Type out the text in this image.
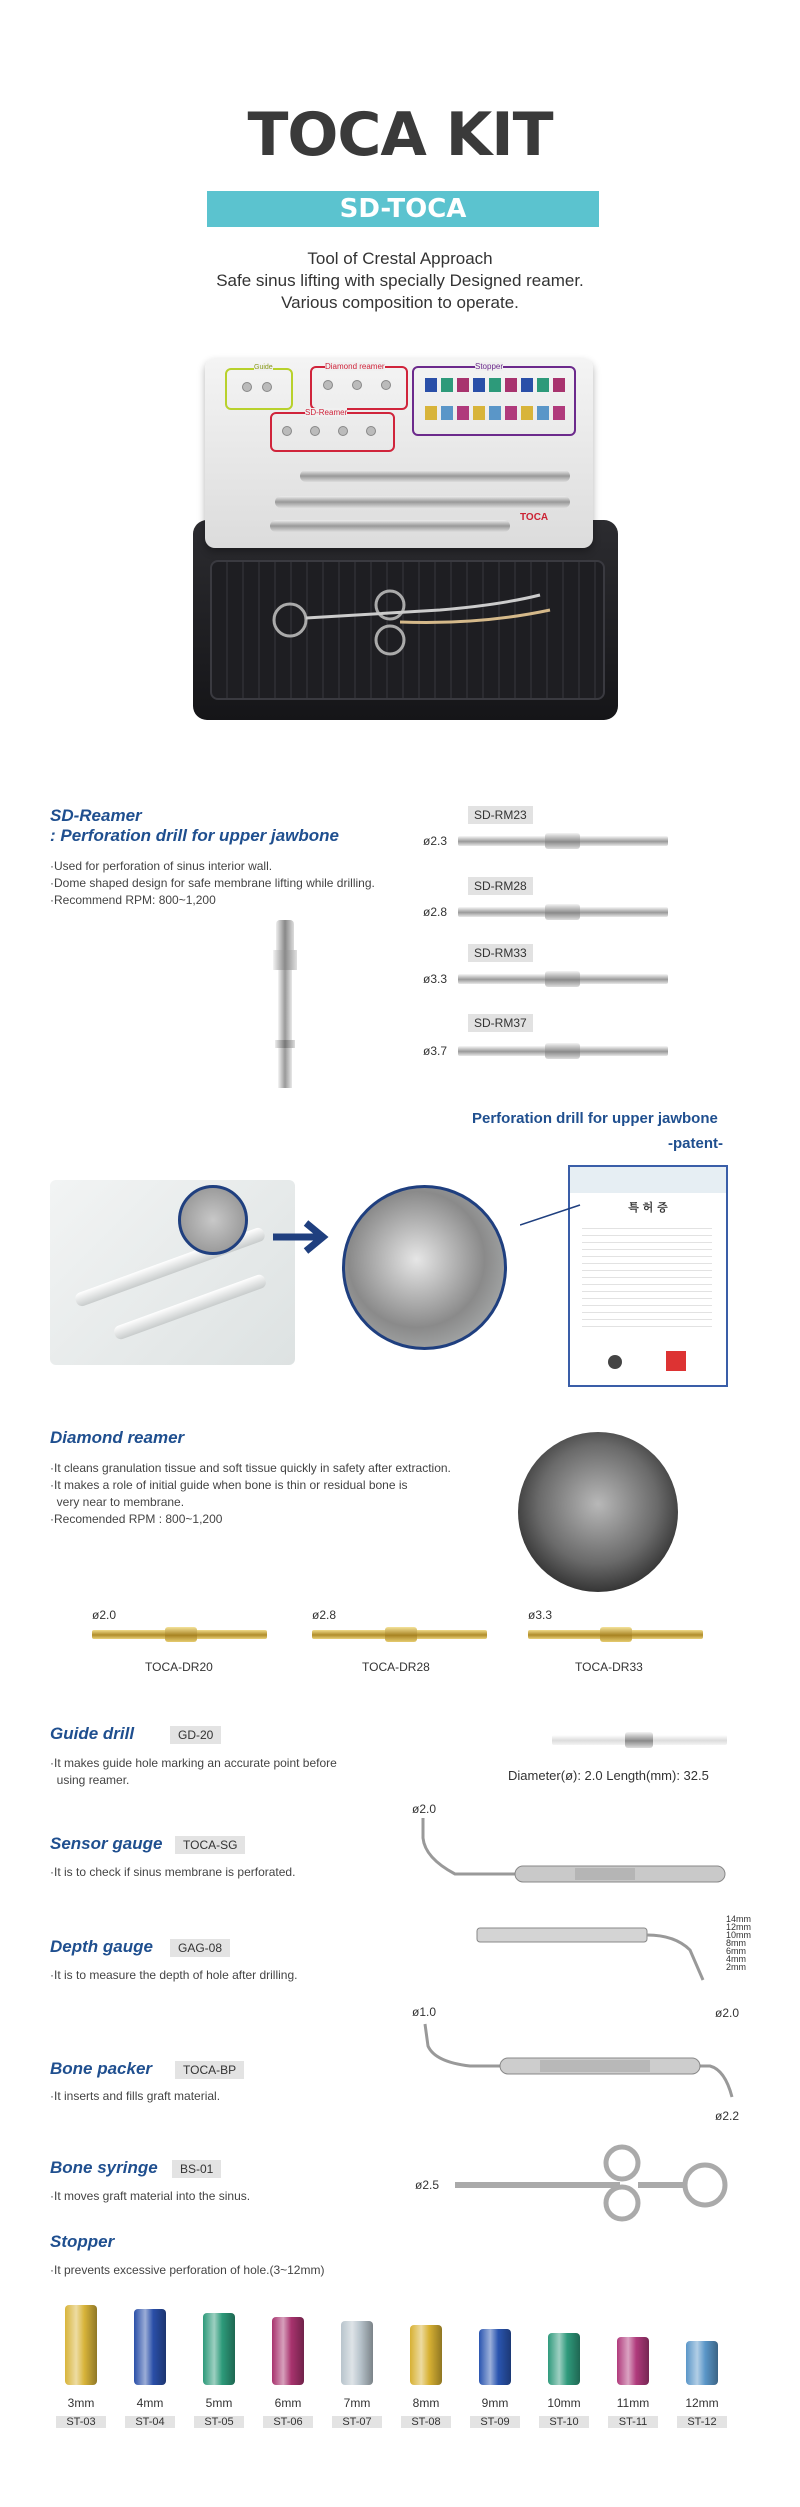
TOCA KIT
SD-TOCA
Tool of Crestal Approach
Safe sinus lifting with specially Designed reamer.
Various composition to operate.
Guide	Diamond reamer
SD-Reamer
Stopper
TOCA
SD-Reamer
: Perforation drill for upper jawbone
·Used for perforation of sinus interior wall.
·Dome shaped design for safe membrane lifting while drilling.
·Recommend RPM: 800~1,200
SD-RM23
ø2.3
SD-RM28
ø2.8
SD-RM33
ø3.3
SD-RM37
ø3.7
Perforation drill for upper jawbone
-patent-
특 허 증
Diamond reamer
·It cleans granulation tissue and soft tissue quickly in safety after extraction.
·It makes a role of initial guide when bone is thin or residual bone is
very near to membrane.
·Recomended RPM : 800~1,200
ø2.0
TOCA-DR20
ø2.8
TOCA-DR28
ø3.3
TOCA-DR33
Guide drill	GD-20
·It makes guide hole marking an accurate point before
using reamer.	Diameter(ø): 2.0 Length(mm): 32.5
Sensor gauge	TOCA-SG
·It is to check if sinus membrane is perforated.
ø2.0
Depth gauge	GAG-08
·It is to measure the depth of hole after drilling.
14mm
12mm
10mm
8mm
6mm
4mm
2mm
ø2.0
Bone packer	TOCA-BP
·It inserts and fills graft material.
ø1.0
ø2.2
Bone syringe	BS-01
·It moves graft material into the sinus.
ø2.5
Stopper
·It prevents excessive perforation of hole.(3~12mm)
3mm
ST-03
4mm
ST-04
5mm
ST-05
6mm
ST-06
7mm
ST-07
8mm
ST-08
9mm
ST-09
10mm
ST-10
11mm
ST-11
12mm
ST-12
